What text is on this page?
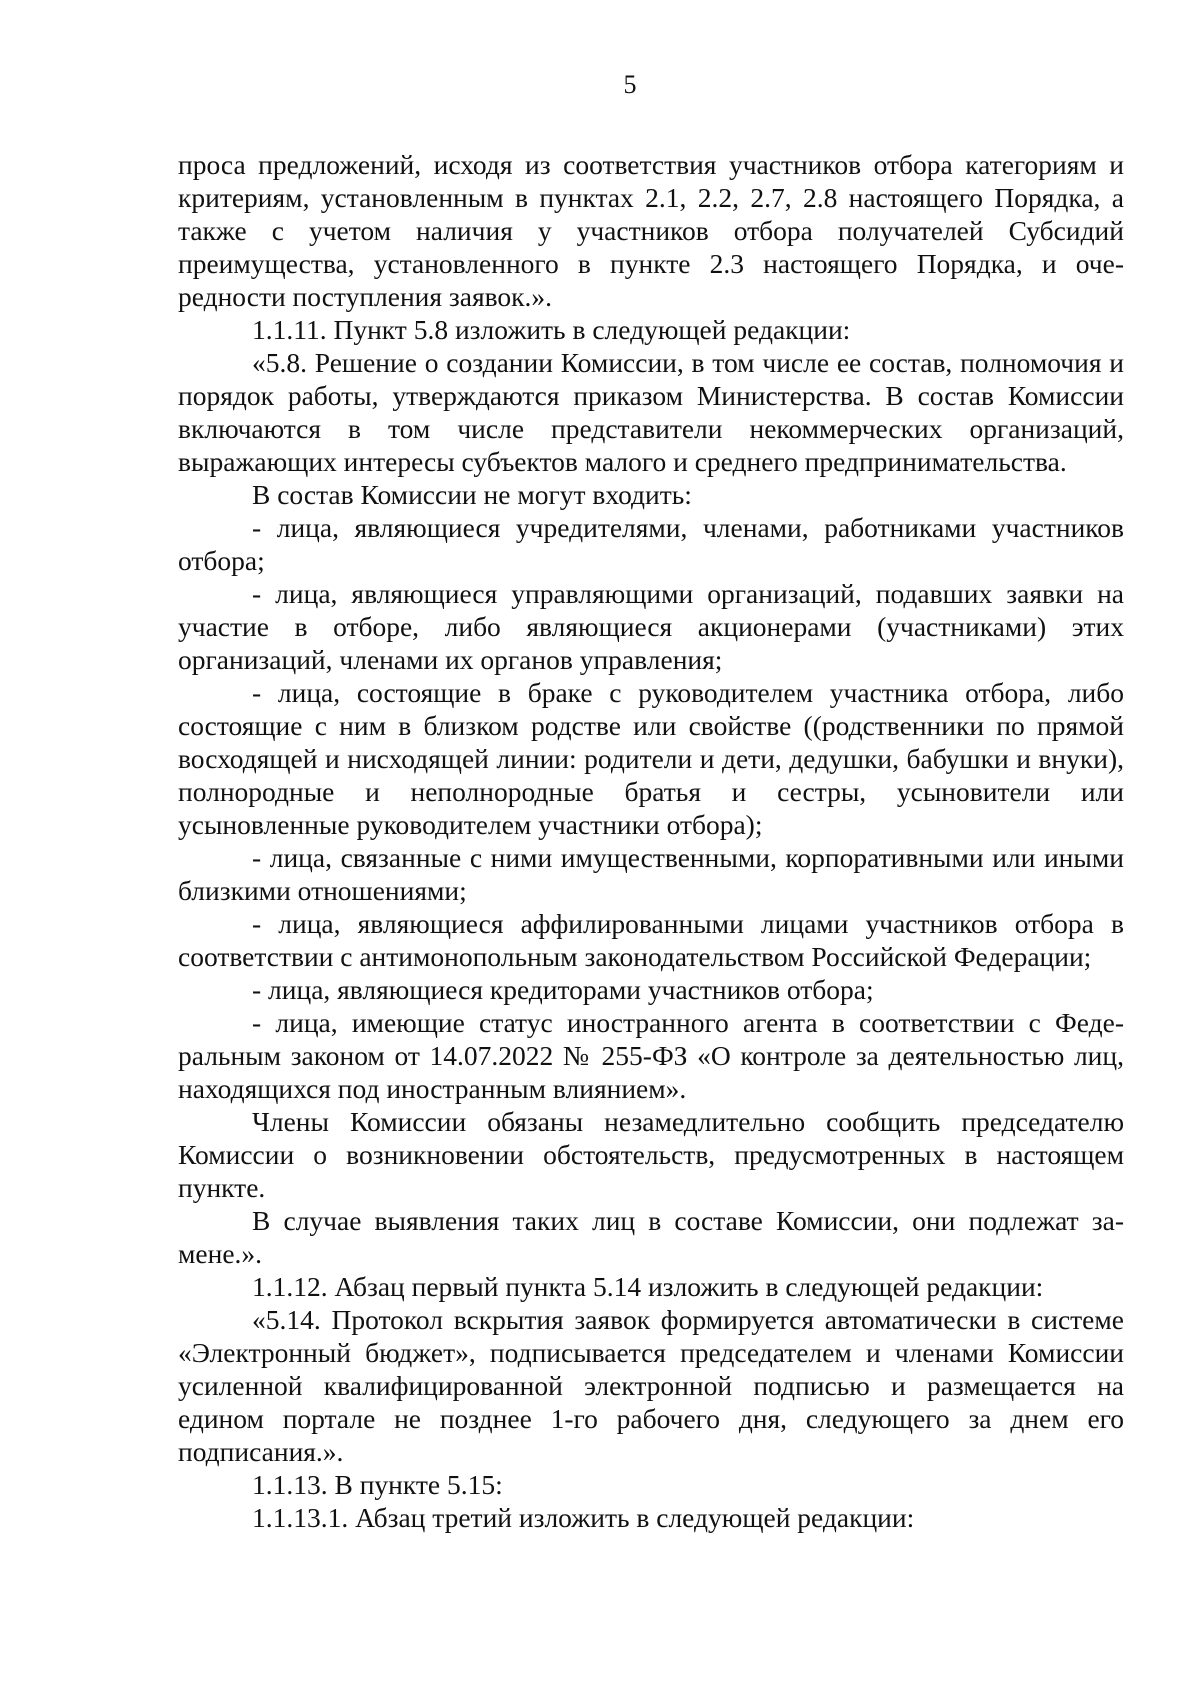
5

проса предложений, исходя из соответствия участников отбора категориям и критериям, установленным в пунктах 2.1, 2.2, 2.7, 2.8 настоящего Порядка, а также с учетом наличия у участников отбора получателей Субсидий преимущества, установленного в пункте 2.3 настоящего Порядка, и очередности поступления заявок.».

1.1.11. Пункт 5.8 изложить в следующей редакции:

«5.8. Решение о создании Комиссии, в том числе ее состав, полномочия и порядок работы, утверждаются приказом Министерства. В состав Комиссии включаются в том числе представители некоммерческих организаций, выражающих интересы субъектов малого и среднего предпринимательства.

В состав Комиссии не могут входить:

- лица, являющиеся учредителями, членами, работниками участников отбора;

- лица, являющиеся управляющими организаций, подавших заявки на участие в отборе, либо являющиеся акционерами (участниками) этих организаций, членами их органов управления;

- лица, состоящие в браке с руководителем участника отбора, либо состоящие с ним в близком родстве или свойстве ((родственники по прямой восходящей и нисходящей линии: родители и дети, дедушки, бабушки и внуки), полнородные и неполнородные братья и сестры, усыновители или усыновленные руководителем участники отбора);

- лица, связанные с ними имущественными, корпоративными или иными близкими отношениями;

- лица, являющиеся аффилированными лицами участников отбора в соответствии с антимонопольным законодательством Российской Федерации;

- лица, являющиеся кредиторами участников отбора;

- лица, имеющие статус иностранного агента в соответствии с Федеральным законом от 14.07.2022 № 255-ФЗ «О контроле за деятельностью лиц, находящихся под иностранным влиянием».

Члены Комиссии обязаны незамедлительно сообщить председателю Комиссии о возникновении обстоятельств, предусмотренных в настоящем пункте.

В случае выявления таких лиц в составе Комиссии, они подлежат замене.».

1.1.12. Абзац первый пункта 5.14 изложить в следующей редакции:

«5.14. Протокол вскрытия заявок формируется автоматически в системе «Электронный бюджет», подписывается председателем и членами Комиссии усиленной квалифицированной электронной подписью и размещается на едином портале не позднее 1-го рабочего дня, следующего за днем его подписания.».

1.1.13. В пункте 5.15:

1.1.13.1. Абзац третий изложить в следующей редакции:
